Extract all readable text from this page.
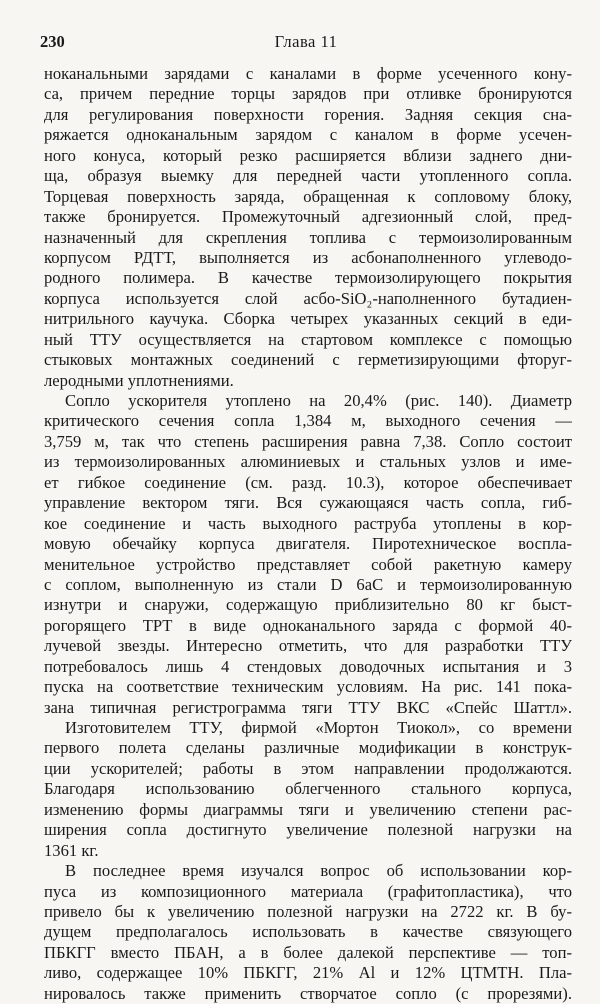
230	Глава 11
ноканальными зарядами с каналами в форме усеченного кону-
са, причем передние торцы зарядов при отливке бронируются
для регулирования поверхности горения. Задняя секция сна-
ряжается одноканальным зарядом с каналом в форме усечен-
ного конуса, который резко расширяется вблизи заднего дни-
ща, образуя выемку для передней части утопленного сопла.
Торцевая поверхность заряда, обращенная к сопловому блоку,
также бронируется. Промежуточный адгезионный слой, пред-
назначенный для скрепления топлива с термоизолированным
корпусом РДТТ, выполняется из асбонаполненного углеводо-
родного полимера. В качестве термоизолирующего покрытия
корпуса используется слой асбо-SiO₂-наполненного бутадиен-
нитрильного каучука. Сборка четырех указанных секций в еди-
ный ТТУ осуществляется на стартовом комплексе с помощью
стыковых монтажных соединений с герметизирующими фторуг-
леродными уплотнениями.
Сопло ускорителя утоплено на 20,4% (рис. 140). Диаметр
критического сечения сопла 1,384 м, выходного сечения —
3,759 м, так что степень расширения равна 7,38. Сопло состоит
из термоизолированных алюминиевых и стальных узлов и име-
ет гибкое соединение (см. разд. 10.3), которое обеспечивает
управление вектором тяги. Вся сужающаяся часть сопла, гиб-
кое соединение и часть выходного раструба утоплены в кор-
мовую обечайку корпуса двигателя. Пиротехническое воспла-
менительное устройство представляет собой ракетную камеру
с соплом, выполненную из стали D 6аС и термоизолированную
изнутри и снаружи, содержащую приблизительно 80 кг быст-
рогорящего ТРТ в виде одноканального заряда с формой 40-
лучевой звезды. Интересно отметить, что для разработки ТТУ
потребовалось лишь 4 стендовых доводочных испытания и 3
пуска на соответствие техническим условиям. На рис. 141 пока-
зана типичная регистрограмма тяги ТТУ ВКС «Спейс Шаттл».
Изготовителем ТТУ, фирмой «Мортон Тиокол», со времени
первого полета сделаны различные модификации в конструк-
ции ускорителей; работы в этом направлении продолжаются.
Благодаря использованию облегченного стального корпуса,
изменению формы диаграммы тяги и увеличению степени рас-
ширения сопла достигнуто увеличение полезной нагрузки на
1361 кг.
В последнее время изучался вопрос об использовании кор-
пуса из композиционного материала (графитопластика), что
привело бы к увеличению полезной нагрузки на 2722 кг. В бу-
дущем предполагалось использовать в качестве связующего
ПБКГГ вместо ПБАН, а в более далекой перспективе — топ-
ливо, содержащее 10% ПБКГГ, 21% Al и 12% ЦТМТН. Пла-
нировалось также применить створчатое сопло (с прорезями).
